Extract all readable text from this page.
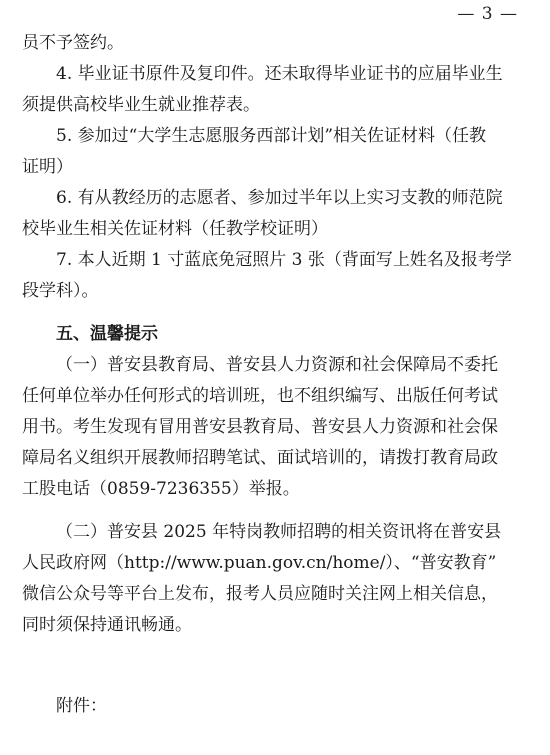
— 3 —
员不予签约。
4. 毕业证书原件及复印件。还未取得毕业证书的应届毕业生
须提供高校毕业生就业推荐表。
5. 参加过“大学生志愿服务西部计划”相关佐证材料（任教
证明）
6. 有从教经历的志愿者、参加过半年以上实习支教的师范院
校毕业生相关佐证材料（任教学校证明）
7. 本人近期 1 寸蓝底免冠照片 3 张（背面写上姓名及报考学
段学科）。
五、温馨提示
（一）普安县教育局、普安县人力资源和社会保障局不委托
任何单位举办任何形式的培训班，也不组织编写、出版任何考试
用书。考生发现有冒用普安县教育局、普安县人力资源和社会保
障局名义组织开展教师招聘笔试、面试培训的，请拨打教育局政
工股电话（0859-7236355）举报。
（二）普安县 2025 年特岗教师招聘的相关资讯将在普安县
人民政府网（http://www.puan.gov.cn/home/）、“普安教育”
微信公众号等平台上发布，报考人员应随时关注网上相关信息，
同时须保持通讯畅通。
附件：
